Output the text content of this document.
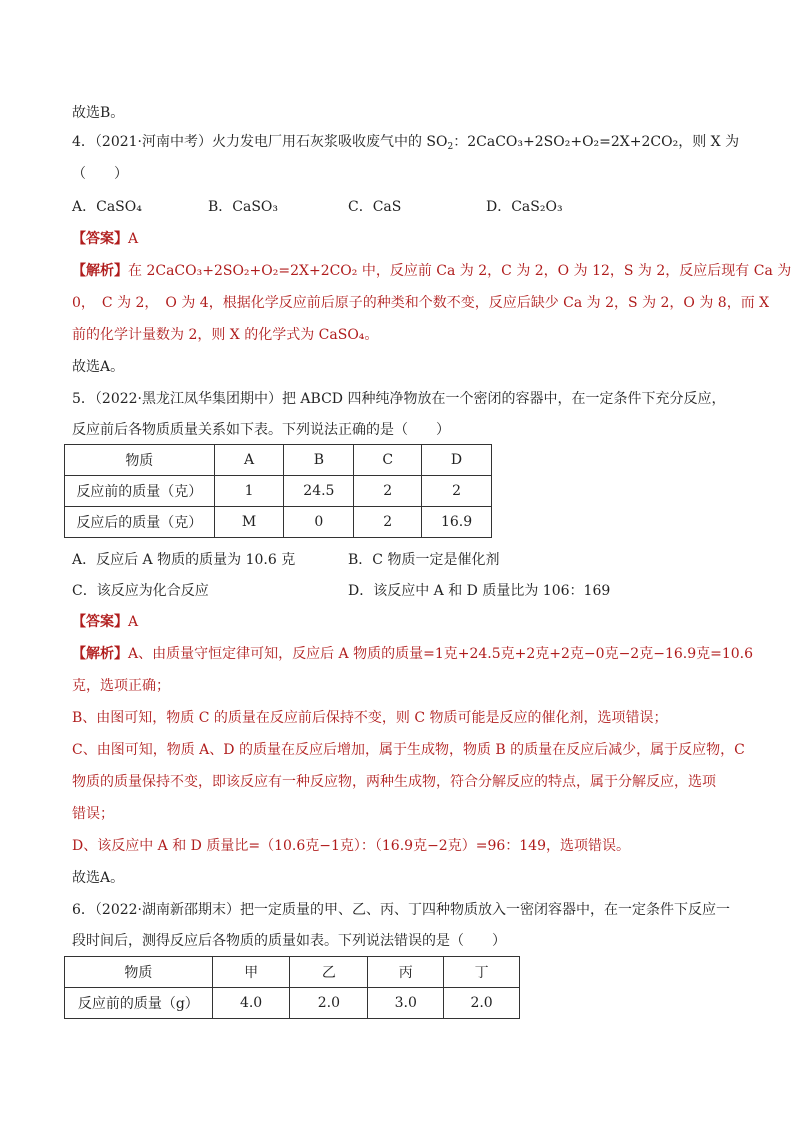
故选B。
4．（2021·河南中考）火力发电厂用石灰浆吸收废气中的 $SO_2$：2CaCO₃+2SO₂+O₂=2X+2CO₂，则 X 为
（　　）
A．CaSO₄	B．CaSO₃	C．CaS	D．CaS₂O₃
【答案】A
【解析】在 2CaCO₃+2SO₂+O₂=2X+2CO₂ 中，反应前 Ca 为 2，C 为 2，O 为 12，S 为 2，反应后现有 Ca 为
0，　C 为 2，　O 为 4，根据化学反应前后原子的种类和个数不变，反应后缺少 Ca 为 2，S 为 2，O 为 8，而 X
前的化学计量数为 2，则 X 的化学式为 CaSO₄。
故选A。
5．（2022·黑龙江凤华集团期中）把 ABCD 四种纯净物放在一个密闭的容器中，在一定条件下充分反应，
反应前后各物质质量关系如下表。下列说法正确的是（　　）
物质	A	B	C	D
反应前的质量（克）	1	24.5	2	2
反应后的质量（克）	M	0	2	16.9
A．反应后 A 物质的质量为 10.6 克	B．C 物质一定是催化剂
C．该反应为化合反应	D．该反应中 A 和 D 质量比为 106：169
【答案】A
【解析】A、由质量守恒定律可知，反应后 A 物质的质量=1克+24.5克+2克+2克−0克−2克−16.9克=10.6
克，选项正确；
B、由图可知，物质 C 的质量在反应前后保持不变，则 C 物质可能是反应的催化剂，选项错误；
C、由图可知，物质 A、D 的质量在反应后增加，属于生成物，物质 B 的质量在反应后减少，属于反应物，C
物质的质量保持不变，即该反应有一种反应物，两种生成物，符合分解反应的特点，属于分解反应，选项
错误；
D、该反应中 A 和 D 质量比=（10.6克−1克）：（16.9克−2克）=96：149，选项错误。
故选A。
6．（2022·湖南新邵期末）把一定质量的甲、乙、丙、丁四种物质放入一密闭容器中，在一定条件下反应一
段时间后，测得反应后各物质的质量如表。下列说法错误的是（　　）
物质	甲	乙	丙	丁
反应前的质量（g）	4.0	2.0	3.0	2.0
